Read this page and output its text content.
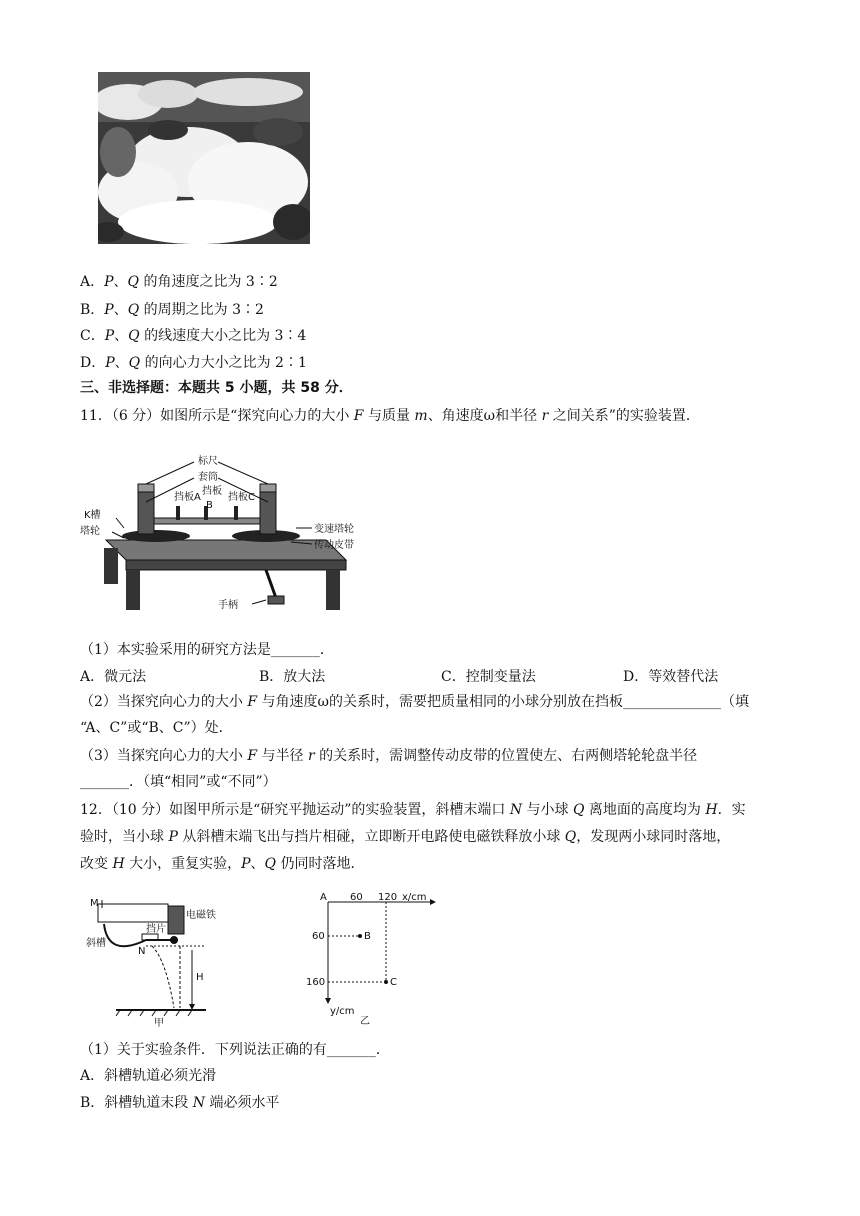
A．P、Q 的角速度之比为 3∶2
B．P、Q 的周期之比为 3∶2
C．P、Q 的线速度大小之比为 3∶4
D．P、Q 的向心力大小之比为 2∶1
三、非选择题：本题共 5 小题，共 58 分．
11．（6 分）如图所示是“探究向心力的大小 F 与质量 m、角速度ω和半径 r 之间关系”的实验装置．
标尺
套筒
挡板A
挡板
B
挡板C
K槽
塔轮	变速塔轮
传动皮带
手柄
（1）本实验采用的研究方法是_______．
A．微元法	B．放大法	C．控制变量法	D．等效替代法
（2）当探究向心力的大小 F 与角速度ω的关系时，需要把质量相同的小球分别放在挡板______________（填
“A、C”或“B、C”）处．
（3）当探究向心力的大小 F 与半径 r 的关系时，需调整传动皮带的位置使左、右两侧塔轮轮盘半径
_______．（填“相同”或“不同”）
12．（10 分）如图甲所示是“研究平抛运动”的实验装置，斜槽末端口 N 与小球 Q 离地面的高度均为 H．实
验时，当小球 P 从斜槽末端飞出与挡片相碰，立即断开电路使电磁铁释放小球 Q，发现两小球同时落地，
改变 H 大小，重复实验，P、Q 仍同时落地．
M
斜槽
挡片
电磁铁
N
H
甲
A 60 120 x/cm
60
160
y/cm
B
C
乙
（1）关于实验条件．下列说法正确的有_______．
A．斜槽轨道必须光滑
B．斜槽轨道末段 N 端必须水平
